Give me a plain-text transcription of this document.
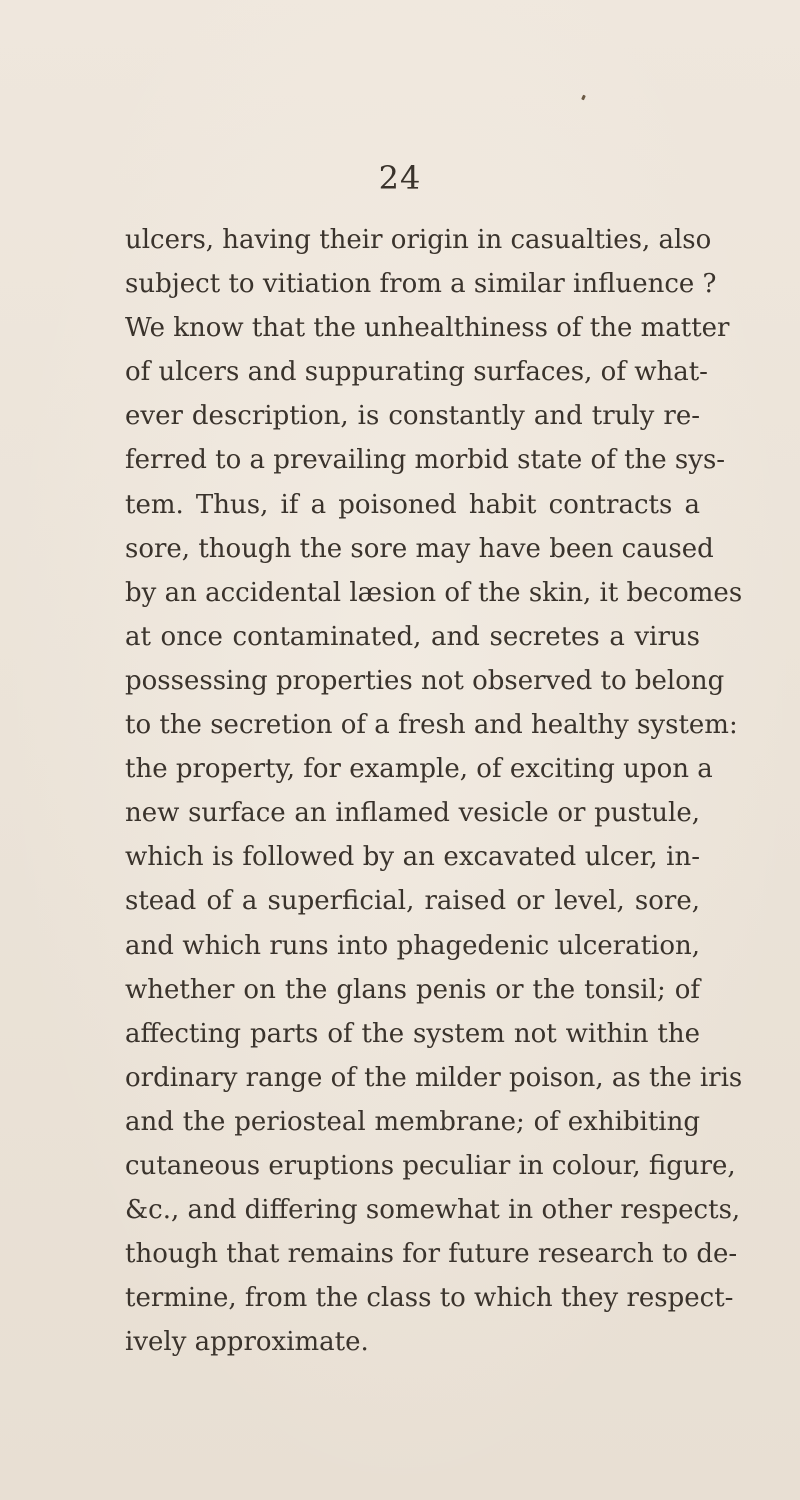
24
ulcers, having their origin in casualties, also
subject to vitiation from a similar influence ?
We know that the unhealthiness of the matter
of ulcers and suppurating surfaces, of what-
ever description, is constantly and truly re-
ferred to a prevailing morbid state of the sys-
tem. Thus, if a poisoned habit contracts a
sore, though the sore may have been caused
by an accidental læsion of the skin, it becomes
at once contaminated, and secretes a virus
possessing properties not observed to belong
to the secretion of a fresh and healthy system:
the property, for example, of exciting upon a
new surface an inflamed vesicle or pustule,
which is followed by an excavated ulcer, in-
stead of a superficial, raised or level, sore,
and which runs into phagedenic ulceration,
whether on the glans penis or the tonsil; of
affecting parts of the system not within the
ordinary range of the milder poison, as the iris
and the periosteal membrane; of exhibiting
cutaneous eruptions peculiar in colour, figure,
&c., and differing somewhat in other respects,
though that remains for future research to de-
termine, from the class to which they respect-
ively approximate.
